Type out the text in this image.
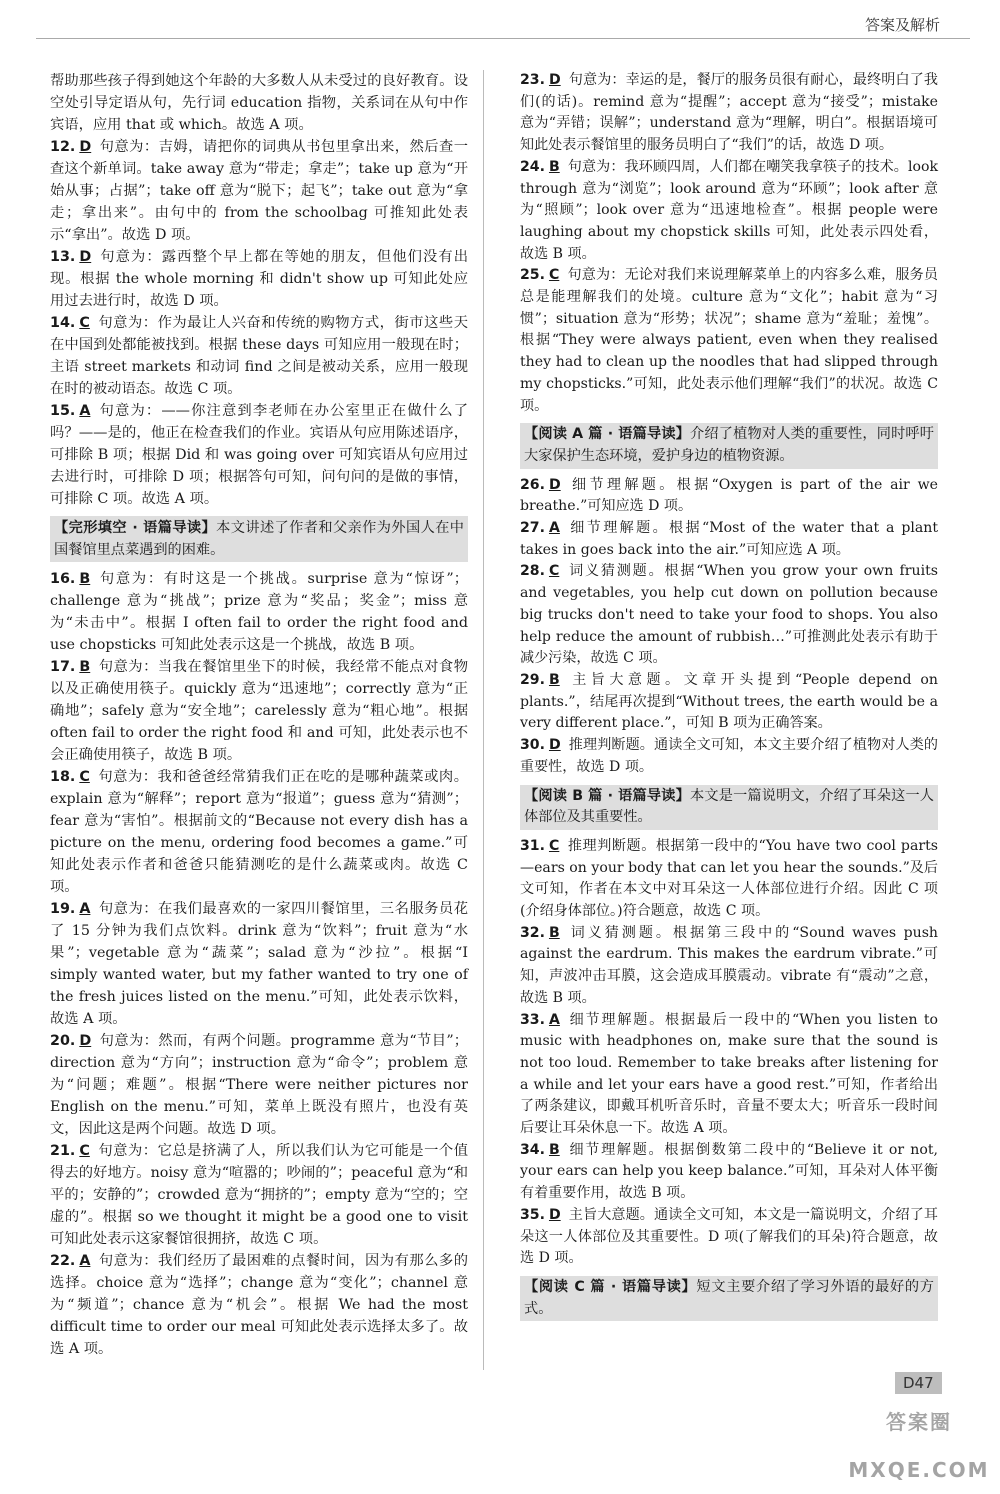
答案及解析
帮助那些孩子得到她这个年龄的大多数人从未受过的良好教育。设空处引导定语从句，先行词 education 指物，关系词在从句中作宾语，应用 that 或 which。故选 A 项。
12. D 句意为：吉姆，请把你的词典从书包里拿出来，然后查一查这个新单词。take away 意为“带走；拿走”；take up 意为“开始从事；占据”；take off 意为“脱下；起飞”；take out 意为“拿走；拿出来”。由句中的 from the schoolbag 可推知此处表示“拿出”。故选 D 项。
13. D 句意为：露西整个早上都在等她的朋友，但他们没有出现。根据 the whole morning 和 didn't show up 可知此处应用过去进行时，故选 D 项。
14. C 句意为：作为最让人兴奋和传统的购物方式，街市这些天在中国到处都能被找到。根据 these days 可知应用一般现在时；主语 street markets 和动词 find 之间是被动关系，应用一般现在时的被动语态。故选 C 项。
15. A 句意为：——你注意到李老师在办公室里正在做什么了吗？——是的，他正在检查我们的作业。宾语从句应用陈述语序，可排除 B 项；根据 Did 和 was going over 可知宾语从句应用过去进行时，可排除 D 项；根据答句可知，问句问的是做的事情，可排除 C 项。故选 A 项。
【完形填空 · 语篇导读】本文讲述了作者和父亲作为外国人在中国餐馆里点菜遇到的困难。
16. B 句意为：有时这是一个挑战。surprise 意为“惊讶”；challenge 意为“挑战”；prize 意为“奖品；奖金”；miss 意为“未击中”。根据 I often fail to order the right food and use chopsticks 可知此处表示这是一个挑战，故选 B 项。
17. B 句意为：当我在餐馆里坐下的时候，我经常不能点对食物以及正确使用筷子。quickly 意为“迅速地”；correctly 意为“正确地”；safely 意为“安全地”；carelessly 意为“粗心地”。根据 often fail to order the right food 和 and 可知，此处表示也不会正确使用筷子，故选 B 项。
18. C 句意为：我和爸爸经常猜我们正在吃的是哪种蔬菜或肉。explain 意为“解释”；report 意为“报道”；guess 意为“猜测”；fear 意为“害怕”。根据前文的“Because not every dish has a picture on the menu, ordering food becomes a game.”可知此处表示作者和爸爸只能猜测吃的是什么蔬菜或肉。故选 C 项。
19. A 句意为：在我们最喜欢的一家四川餐馆里，三名服务员花了 15 分钟为我们点饮料。drink 意为“饮料”；fruit 意为“水果”；vegetable 意为“蔬菜”；salad 意为“沙拉”。根据“I simply wanted water, but my father wanted to try one of the fresh juices listed on the menu.”可知，此处表示饮料，故选 A 项。
20. D 句意为：然而，有两个问题。programme 意为“节目”；direction 意为“方向”；instruction 意为“命令”；problem 意为“问题；难题”。根据“There were neither pictures nor English on the menu.”可知，菜单上既没有照片，也没有英文，因此这是两个问题。故选 D 项。
21. C 句意为：它总是挤满了人，所以我们认为它可能是一个值得去的好地方。noisy 意为“喧嚣的；吵闹的”；peaceful 意为“和平的；安静的”；crowded 意为“拥挤的”；empty 意为“空的；空虚的”。根据 so we thought it might be a good one to visit 可知此处表示这家餐馆很拥挤，故选 C 项。
22. A 句意为：我们经历了最困难的点餐时间，因为有那么多的选择。choice 意为“选择”；change 意为“变化”；channel 意为“频道”；chance 意为“机会”。根据 We had the most difficult time to order our meal 可知此处表示选择太多了。故选 A 项。
23. D 句意为：幸运的是，餐厅的服务员很有耐心，最终明白了我们(的话)。remind 意为“提醒”；accept 意为“接受”；mistake 意为“弄错；误解”；understand 意为“理解，明白”。根据语境可知此处表示餐馆里的服务员明白了“我们”的话，故选 D 项。
24. B 句意为：我环顾四周，人们都在嘲笑我拿筷子的技术。look through 意为“浏览”；look around 意为“环顾”；look after 意为“照顾”；look over 意为“迅速地检查”。根据 people were laughing about my chopstick skills 可知，此处表示四处看，故选 B 项。
25. C 句意为：无论对我们来说理解菜单上的内容多么难，服务员总是能理解我们的处境。culture 意为“文化”；habit 意为“习惯”；situation 意为“形势；状况”；shame 意为“羞耻；羞愧”。根据“They were always patient, even when they realised they had to clean up the noodles that had slipped through my chopsticks.”可知，此处表示他们理解“我们”的状况。故选 C 项。
【阅读 A 篇 · 语篇导读】介绍了植物对人类的重要性，同时呼吁大家保护生态环境，爱护身边的植物资源。
26. D 细节理解题。根据“Oxygen is part of the air we breathe.”可知应选 D 项。
27. A 细节理解题。根据“Most of the water that a plant takes in goes back into the air.”可知应选 A 项。
28. C 词义猜测题。根据“When you grow your own fruits and vegetables, you help cut down on pollution because big trucks don't need to take your food to shops. You also help reduce the amount of rubbish…”可推测此处表示有助于减少污染，故选 C 项。
29. B 主旨大意题。文章开头提到“People depend on plants.”，结尾再次提到“Without trees, the earth would be a very different place.”，可知 B 项为正确答案。
30. D 推理判断题。通读全文可知，本文主要介绍了植物对人类的重要性，故选 D 项。
【阅读 B 篇 · 语篇导读】本文是一篇说明文，介绍了耳朵这一人体部位及其重要性。
31. C 推理判断题。根据第一段中的“You have two cool parts—ears on your body that can let you hear the sounds.”及后文可知，作者在本文中对耳朵这一人体部位进行介绍。因此 C 项(介绍身体部位。)符合题意，故选 C 项。
32. B 词义猜测题。根据第三段中的“Sound waves push against the eardrum. This makes the eardrum vibrate.”可知，声波冲击耳膜，这会造成耳膜震动。vibrate 有“震动”之意，故选 B 项。
33. A 细节理解题。根据最后一段中的“When you listen to music with headphones on, make sure that the sound is not too loud. Remember to take breaks after listening for a while and let your ears have a good rest.”可知，作者给出了两条建议，即戴耳机听音乐时，音量不要太大；听音乐一段时间后要让耳朵休息一下。故选 A 项。
34. B 细节理解题。根据倒数第二段中的“Believe it or not, your ears can help you keep balance.”可知，耳朵对人体平衡有着重要作用，故选 B 项。
35. D 主旨大意题。通读全文可知，本文是一篇说明文，介绍了耳朵这一人体部位及其重要性。D 项(了解我们的耳朵)符合题意，故选 D 项。
【阅读 C 篇 · 语篇导读】短文主要介绍了学习外语的最好的方式。
D47
答案圈 MXQE.COM
